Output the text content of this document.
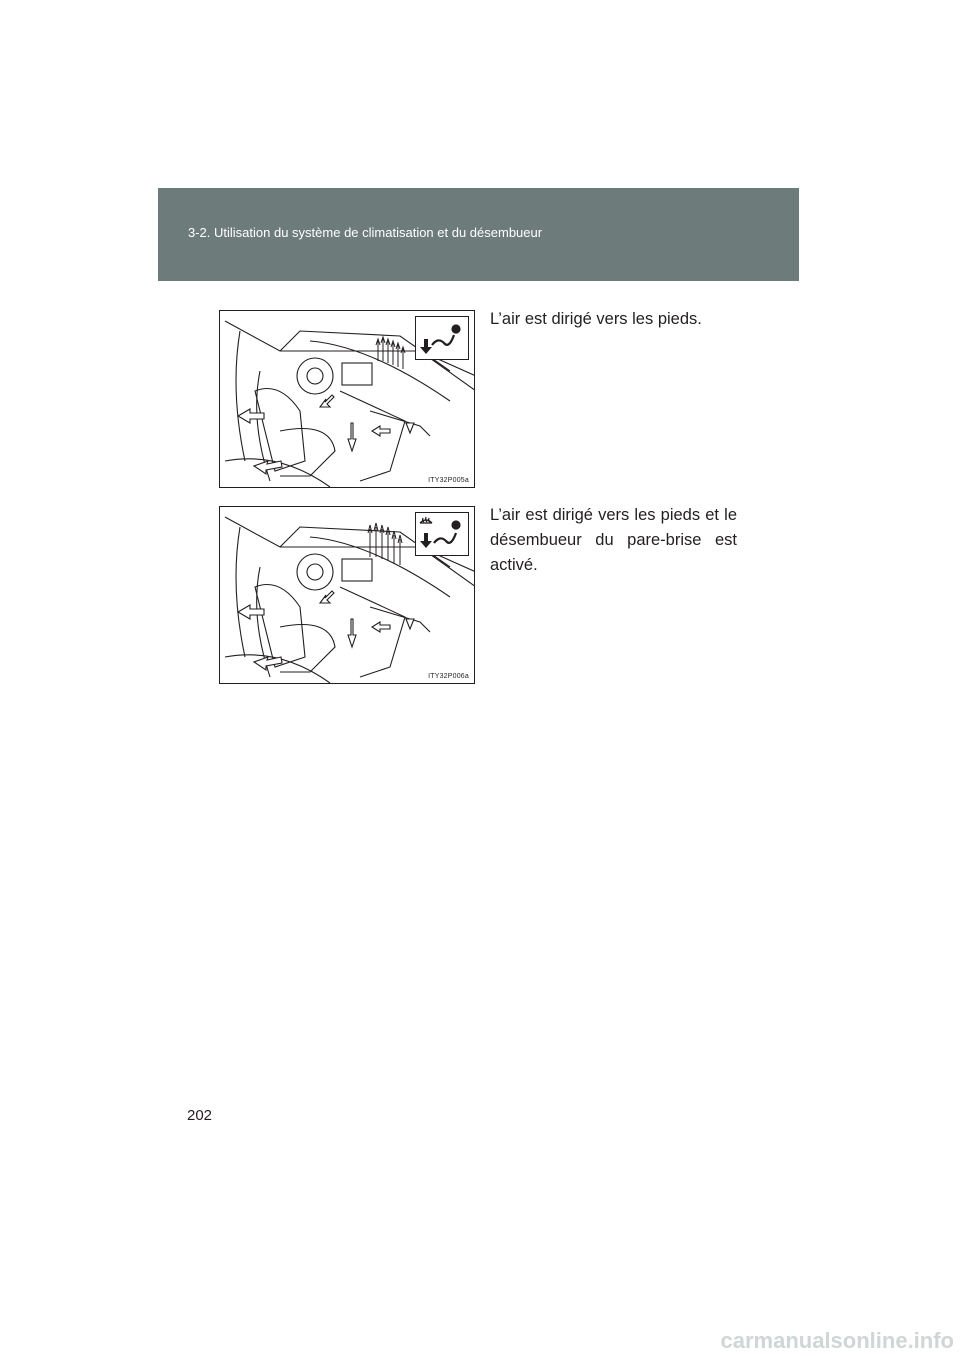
3-2. Utilisation du système de climatisation et du désembueur
ITY32P005a

L’air est dirigé vers les pieds.

ITY32P006a

L’air est dirigé vers les pieds et le désembueur du pare-brise est activé.

202
carmanualsonline.info
